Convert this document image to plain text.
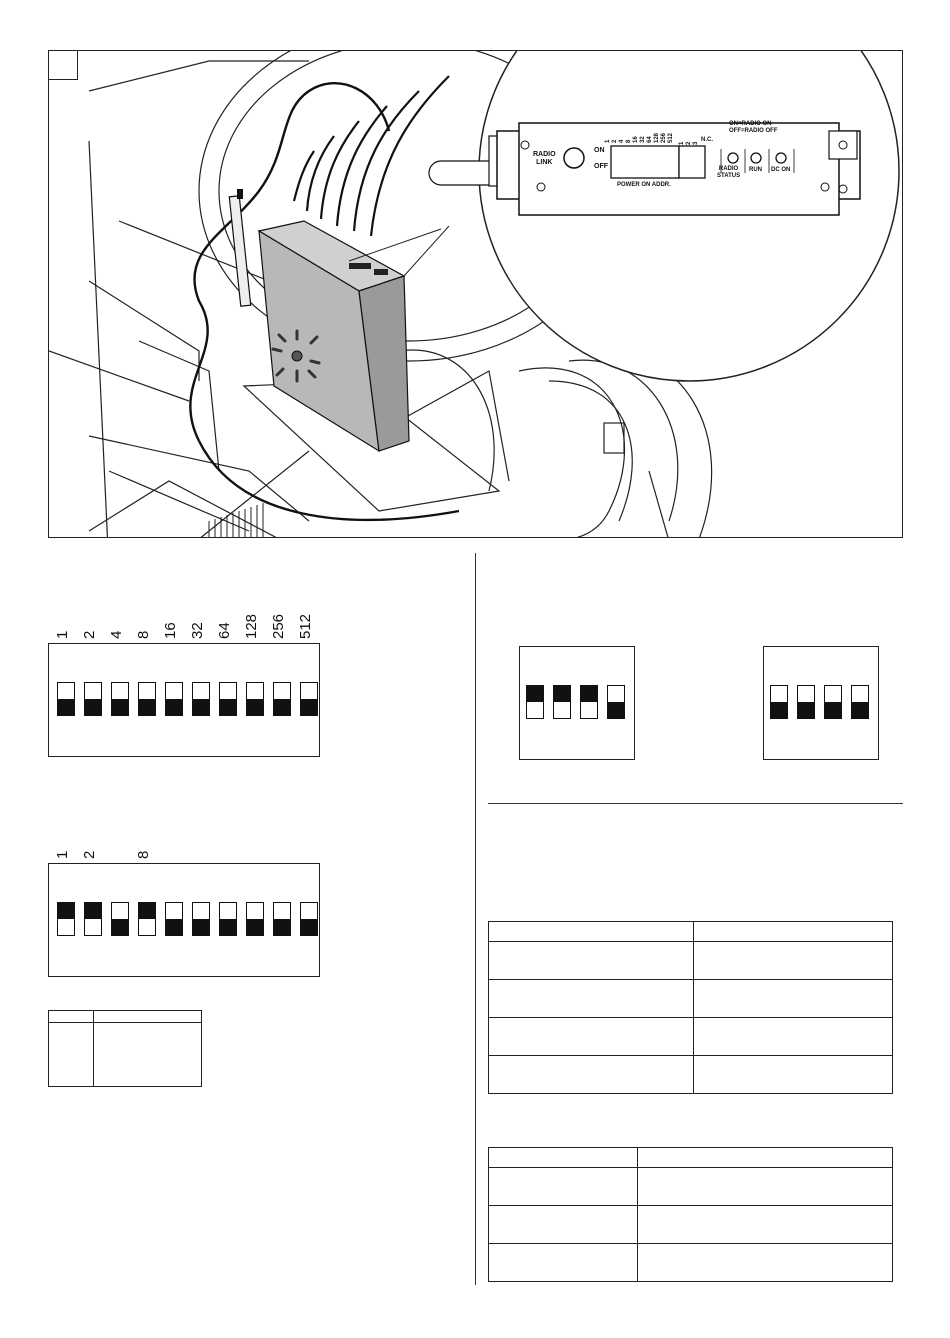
RADIO
LINK
ON
OFF
1 2 4 8 16 32 64 128 256 512
1 2 3
N.C.
POWER ON ADDR.
ON=RADIO ON
OFF=RADIO OFF
RADIO
STATUS
RUN DC ON
1 2 4 8 16 32 64 128 256 512
1 2 8
